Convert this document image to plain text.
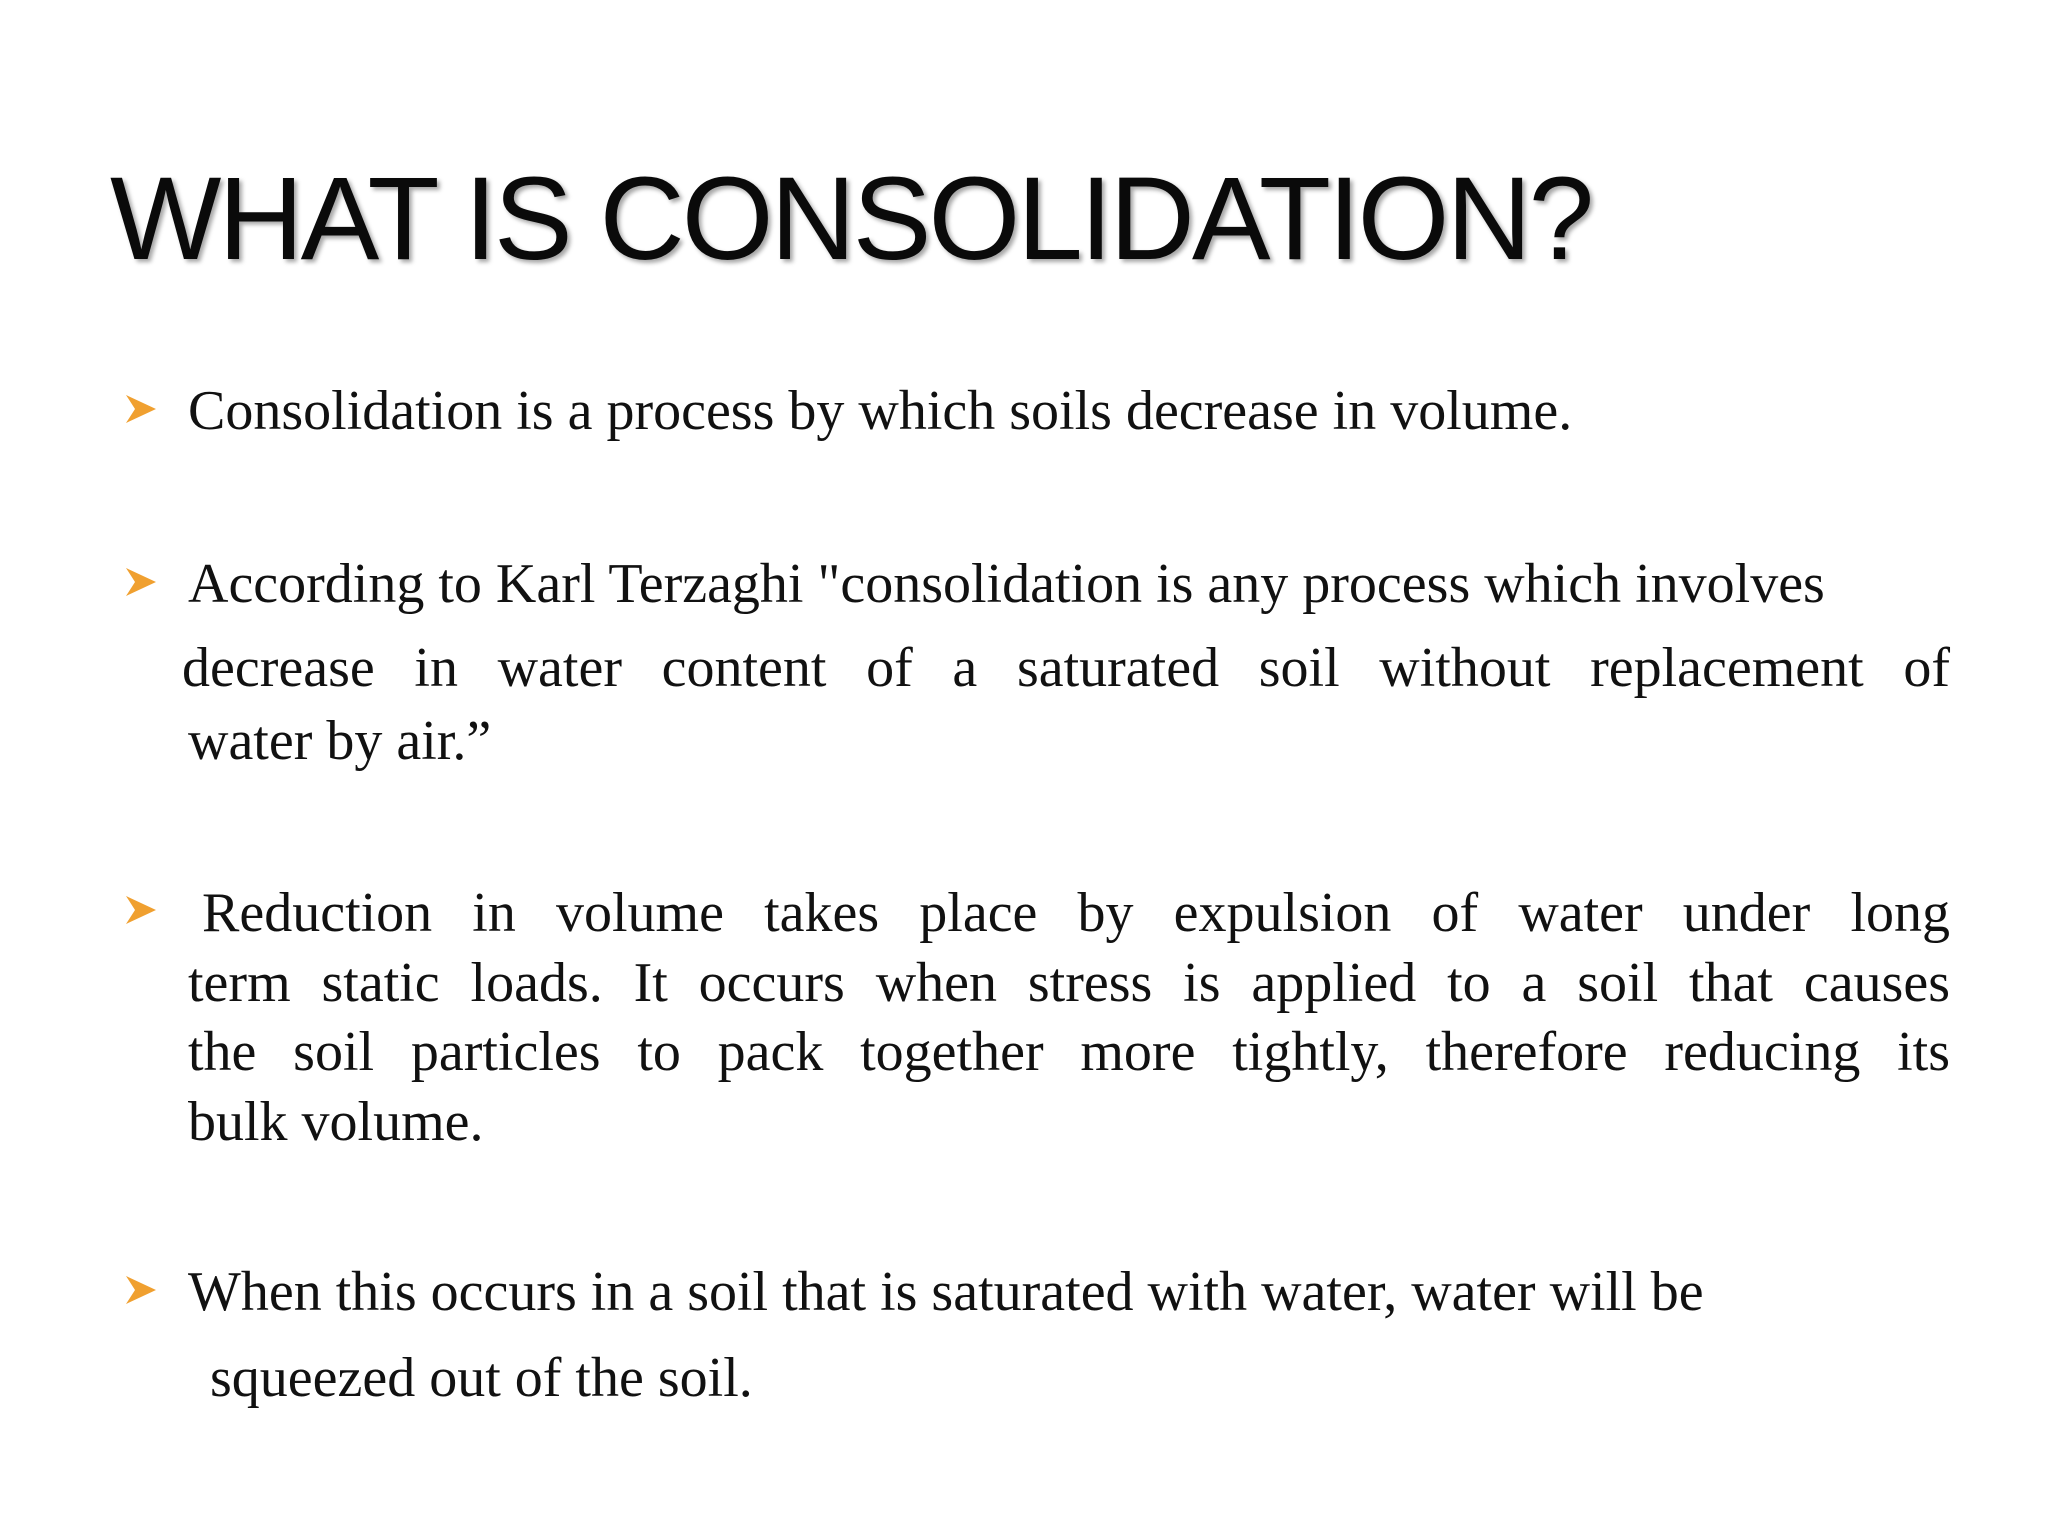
WHAT IS CONSOLIDATION?
Consolidation is a process by which soils decrease in volume.
According to Karl Terzaghi "consolidation is any process which involves
decrease in water content of a saturated soil without replacement of
water by air.”
Reduction in volume takes place by expulsion of water under long
term static loads. It occurs when stress is applied to a soil that causes
the soil particles to pack together more tightly, therefore reducing its
bulk volume.
When this occurs in a soil that is saturated with water, water will be
squeezed out of the soil.
